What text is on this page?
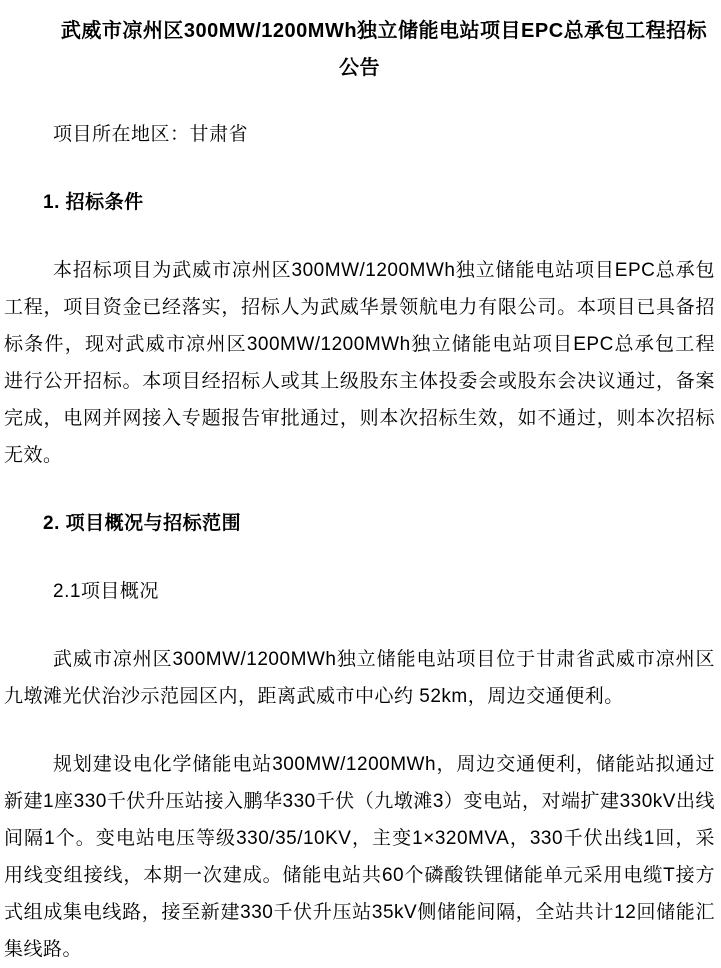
武威市凉州区300MW/1200MWh独立储能电站项目EPC总承包工程招标公告
项目所在地区：甘肃省
1. 招标条件
本招标项目为武威市凉州区300MW/1200MWh独立储能电站项目EPC总承包工程，项目资金已经落实，招标人为武威华景领航电力有限公司。本项目已具备招标条件，现对武威市凉州区300MW/1200MWh独立储能电站项目EPC总承包工程进行公开招标。本项目经招标人或其上级股东主体投委会或股东会决议通过，备案完成，电网并网接入专题报告审批通过，则本次招标生效，如不通过，则本次招标无效。
2. 项目概况与招标范围
2.1项目概况
武威市凉州区300MW/1200MWh独立储能电站项目位于甘肃省武威市凉州区九墩滩光伏治沙示范园区内，距离武威市中心约 52km，周边交通便利。
规划建设电化学储能电站300MW/1200MWh，周边交通便利，储能站拟通过新建1座330千伏升压站接入鹏华330千伏（九墩滩3）变电站，对端扩建330kV出线间隔1个。变电站电压等级330/35/10KV，主变1×320MVA，330千伏出线1回，采用线变组接线，本期一次建成。储能电站共60个磷酸铁锂储能单元采用电缆T接方式组成集电线路，接至新建330千伏升压站35kV侧储能间隔，全站共计12回储能汇集线路。
